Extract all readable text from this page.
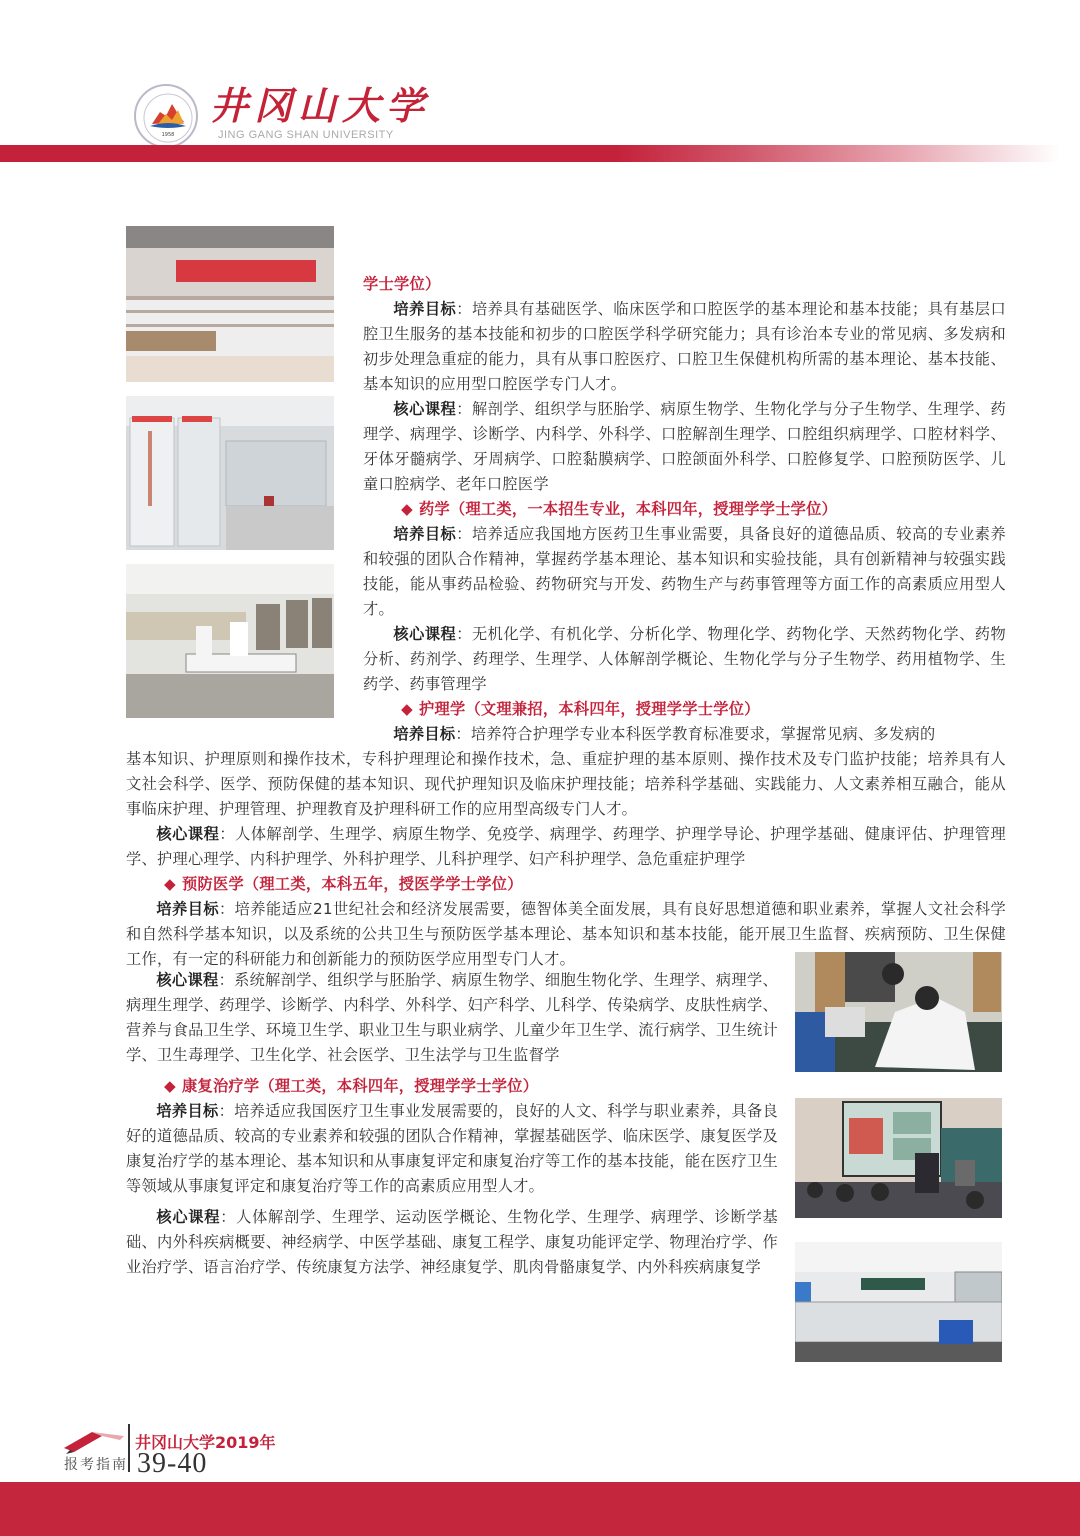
1958
井冈山大学
JING GANG SHAN UNIVERSITY

学士学位）

培养目标：培养具有基础医学、临床医学和口腔医学的基本理论和基本技能；具有基层口腔卫生服务的基本技能和初步的口腔医学科学研究能力；具有诊治本专业的常见病、多发病和初步处理急重症的能力，具有从事口腔医疗、口腔卫生保健机构所需的基本理论、基本技能、基本知识的应用型口腔医学专门人才。

核心课程：解剖学、组织学与胚胎学、病原生物学、生物化学与分子生物学、生理学、药理学、病理学、诊断学、内科学、外科学、口腔解剖生理学、口腔组织病理学、口腔材料学、牙体牙髓病学、牙周病学、口腔黏膜病学、口腔颌面外科学、口腔修复学、口腔预防医学、儿童口腔病学、老年口腔医学

◆ 药学（理工类，一本招生专业，本科四年，授理学学士学位）

培养目标：培养适应我国地方医药卫生事业需要，具备良好的道德品质、较高的专业素养和较强的团队合作精神，掌握药学基本理论、基本知识和实验技能，具有创新精神与较强实践技能，能从事药品检验、药物研究与开发、药物生产与药事管理等方面工作的高素质应用型人才。

核心课程：无机化学、有机化学、分析化学、物理化学、药物化学、天然药物化学、药物分析、药剂学、药理学、生理学、人体解剖学概论、生物化学与分子生物学、药用植物学、生药学、药事管理学

◆ 护理学（文理兼招，本科四年，授理学学士学位）

培养目标：培养符合护理学专业本科医学教育标准要求，掌握常见病、多发病的

基本知识、护理原则和操作技术，专科护理理论和操作技术，急、重症护理的基本原则、操作技术及专门监护技能；培养具有人文社会科学、医学、预防保健的基本知识、现代护理知识及临床护理技能；培养科学基础、实践能力、人文素养相互融合，能从事临床护理、护理管理、护理教育及护理科研工作的应用型高级专门人才。

核心课程：人体解剖学、生理学、病原生物学、免疫学、病理学、药理学、护理学导论、护理学基础、健康评估、护理管理学、护理心理学、内科护理学、外科护理学、儿科护理学、妇产科护理学、急危重症护理学

◆ 预防医学（理工类，本科五年，授医学学士学位）

培养目标：培养能适应21世纪社会和经济发展需要，德智体美全面发展，具有良好思想道德和职业素养，掌握人文社会科学和自然科学基本知识，以及系统的公共卫生与预防医学基本理论、基本知识和基本技能，能开展卫生监督、疾病预防、卫生保健工作，有一定的科研能力和创新能力的预防医学应用型专门人才。

核心课程：系统解剖学、组织学与胚胎学、病原生物学、细胞生物化学、生理学、病理学、病理生理学、药理学、诊断学、内科学、外科学、妇产科学、儿科学、传染病学、皮肤性病学、营养与食品卫生学、环境卫生学、职业卫生与职业病学、儿童少年卫生学、流行病学、卫生统计学、卫生毒理学、卫生化学、社会医学、卫生法学与卫生监督学

◆ 康复治疗学（理工类，本科四年，授理学学士学位）

培养目标：培养适应我国医疗卫生事业发展需要的，良好的人文、科学与职业素养，具备良好的道德品质、较高的专业素养和较强的团队合作精神，掌握基础医学、临床医学、康复医学及康复治疗学的基本理论、基本知识和从事康复评定和康复治疗等工作的基本技能，能在医疗卫生等领域从事康复评定和康复治疗等工作的高素质应用型人才。

核心课程：人体解剖学、生理学、运动医学概论、生物化学、生理学、病理学、诊断学基础、内外科疾病概要、神经病学、中医学基础、康复工程学、康复功能评定学、物理治疗学、作业治疗学、语言治疗学、传统康复方法学、神经康复学、肌肉骨骼康复学、内外科疾病康复学

报考指南
井冈山大学2019年
39-40
